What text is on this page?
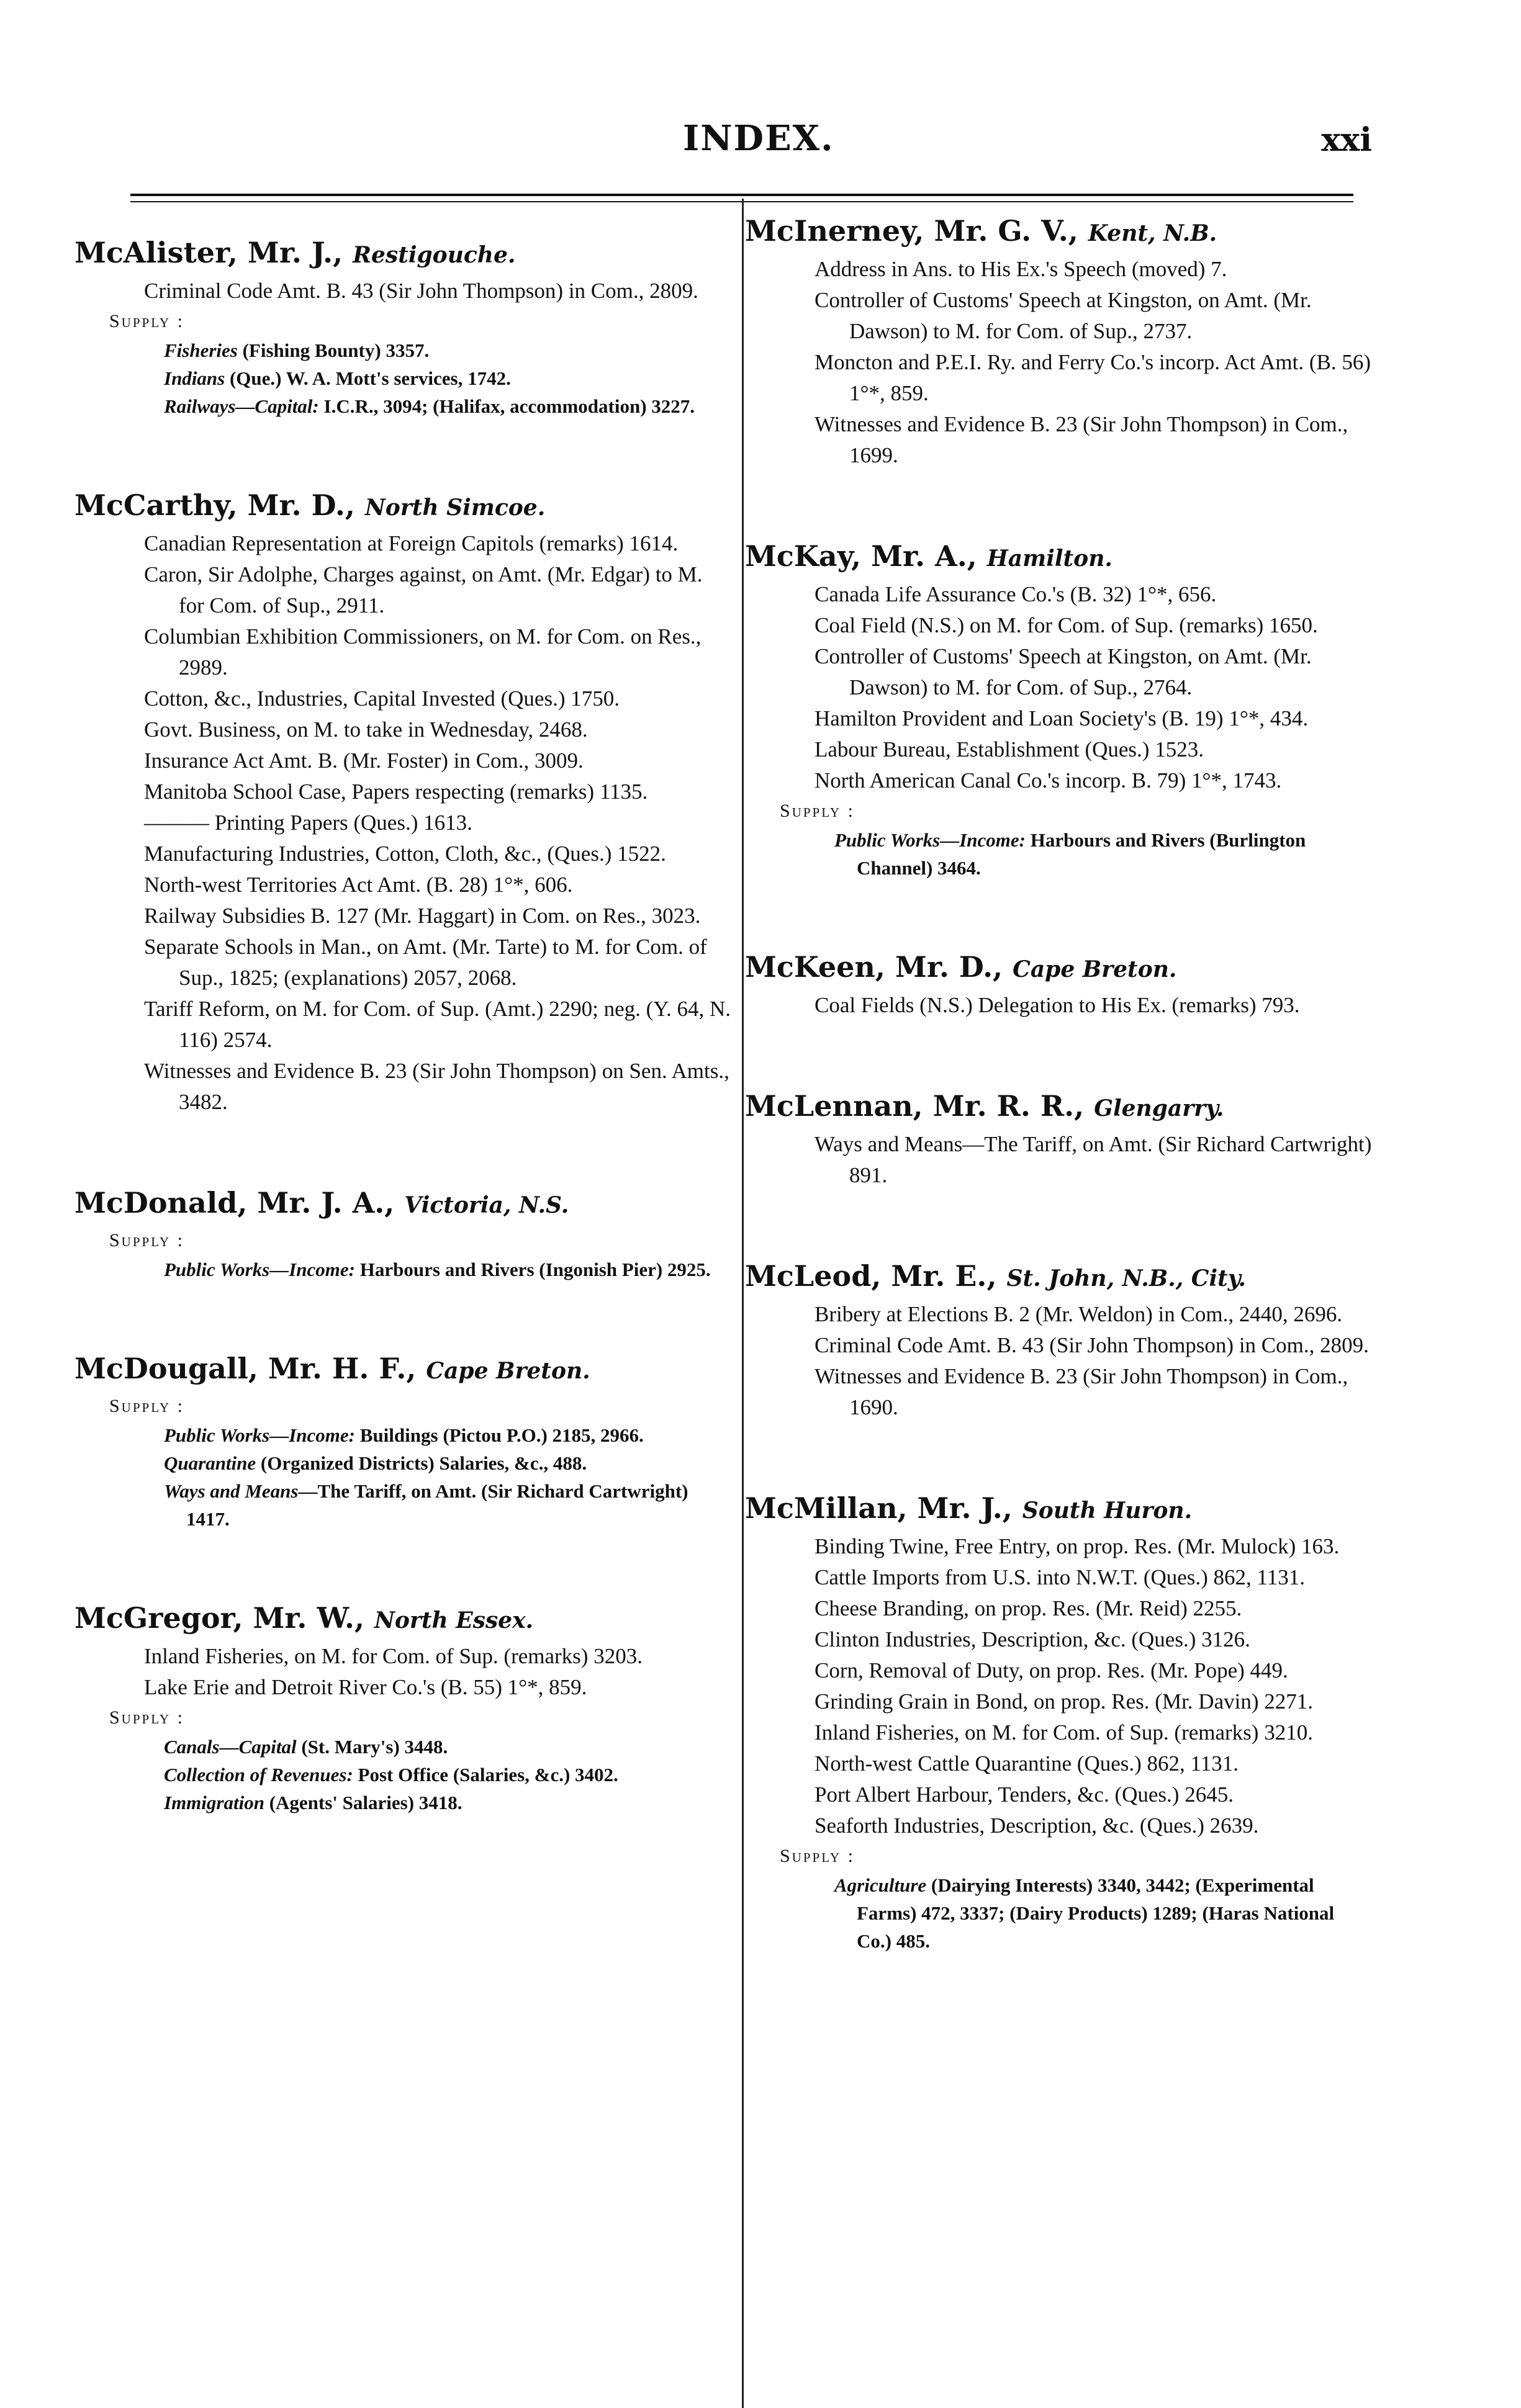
INDEX.	xxi
McAlister, Mr. J., Restigouche.
Criminal Code Amt. B. 43 (Sir John Thompson) in Com., 2809.
Supply :
Fisheries (Fishing Bounty) 3357.
Indians (Que.) W. A. Mott's services, 1742.
Railways—Capital: I.C.R., 3094; (Halifax, accommodation) 3227.
McCarthy, Mr. D., North Simcoe.
Canadian Representation at Foreign Capitols (remarks) 1614.
Caron, Sir Adolphe, Charges against, on Amt. (Mr. Edgar) to M. for Com. of Sup., 2911.
Columbian Exhibition Commissioners, on M. for Com. on Res., 2989.
Cotton, &c., Industries, Capital Invested (Ques.) 1750.
Govt. Business, on M. to take in Wednesday, 2468.
Insurance Act Amt. B. (Mr. Foster) in Com., 3009.
Manitoba School Case, Papers respecting (remarks) 1135.
——— Printing Papers (Ques.) 1613.
Manufacturing Industries, Cotton, Cloth, &c., (Ques.) 1522.
North-west Territories Act Amt. (B. 28) 1°*, 606.
Railway Subsidies B. 127 (Mr. Haggart) in Com. on Res., 3023.
Separate Schools in Man., on Amt. (Mr. Tarte) to M. for Com. of Sup., 1825; (explanations) 2057, 2068.
Tariff Reform, on M. for Com. of Sup. (Amt.) 2290; neg. (Y. 64, N. 116) 2574.
Witnesses and Evidence B. 23 (Sir John Thompson) on Sen. Amts., 3482.
McDonald, Mr. J. A., Victoria, N.S.
Supply :
Public Works—Income: Harbours and Rivers (Ingonish Pier) 2925.
McDougall, Mr. H. F., Cape Breton.
Supply :
Public Works—Income: Buildings (Pictou P.O.) 2185, 2966.
Quarantine (Organized Districts) Salaries, &c., 488.
Ways and Means—The Tariff, on Amt. (Sir Richard Cartwright) 1417.
McGregor, Mr. W., North Essex.
Inland Fisheries, on M. for Com. of Sup. (remarks) 3203.
Lake Erie and Detroit River Co.'s (B. 55) 1°*, 859.
Supply :
Canals—Capital (St. Mary's) 3448.
Collection of Revenues: Post Office (Salaries, &c.) 3402.
Immigration (Agents' Salaries) 3418.
McInerney, Mr. G. V., Kent, N.B.
Address in Ans. to His Ex.'s Speech (moved) 7.
Controller of Customs' Speech at Kingston, on Amt. (Mr. Dawson) to M. for Com. of Sup., 2737.
Moncton and P.E.I. Ry. and Ferry Co.'s incorp. Act Amt. (B. 56) 1°*, 859.
Witnesses and Evidence B. 23 (Sir John Thompson) in Com., 1699.
McKay, Mr. A., Hamilton.
Canada Life Assurance Co.'s (B. 32) 1°*, 656.
Coal Field (N.S.) on M. for Com. of Sup. (remarks) 1650.
Controller of Customs' Speech at Kingston, on Amt. (Mr. Dawson) to M. for Com. of Sup., 2764.
Hamilton Provident and Loan Society's (B. 19) 1°*, 434.
Labour Bureau, Establishment (Ques.) 1523.
North American Canal Co.'s incorp. B. 79) 1°*, 1743.
Supply :
Public Works—Income: Harbours and Rivers (Burlington Channel) 3464.
McKeen, Mr. D., Cape Breton.
Coal Fields (N.S.) Delegation to His Ex. (remarks) 793.
McLennan, Mr. R. R., Glengarry.
Ways and Means—The Tariff, on Amt. (Sir Richard Cartwright) 891.
McLeod, Mr. E., St. John, N.B., City.
Bribery at Elections B. 2 (Mr. Weldon) in Com., 2440, 2696.
Criminal Code Amt. B. 43 (Sir John Thompson) in Com., 2809.
Witnesses and Evidence B. 23 (Sir John Thompson) in Com., 1690.
McMillan, Mr. J., South Huron.
Binding Twine, Free Entry, on prop. Res. (Mr. Mulock) 163.
Cattle Imports from U.S. into N.W.T. (Ques.) 862, 1131.
Cheese Branding, on prop. Res. (Mr. Reid) 2255.
Clinton Industries, Description, &c. (Ques.) 3126.
Corn, Removal of Duty, on prop. Res. (Mr. Pope) 449.
Grinding Grain in Bond, on prop. Res. (Mr. Davin) 2271.
Inland Fisheries, on M. for Com. of Sup. (remarks) 3210.
North-west Cattle Quarantine (Ques.) 862, 1131.
Port Albert Harbour, Tenders, &c. (Ques.) 2645.
Seaforth Industries, Description, &c. (Ques.) 2639.
Supply :
Agriculture (Dairying Interests) 3340, 3442; (Experimental Farms) 472, 3337; (Dairy Products) 1289; (Haras National Co.) 485.
